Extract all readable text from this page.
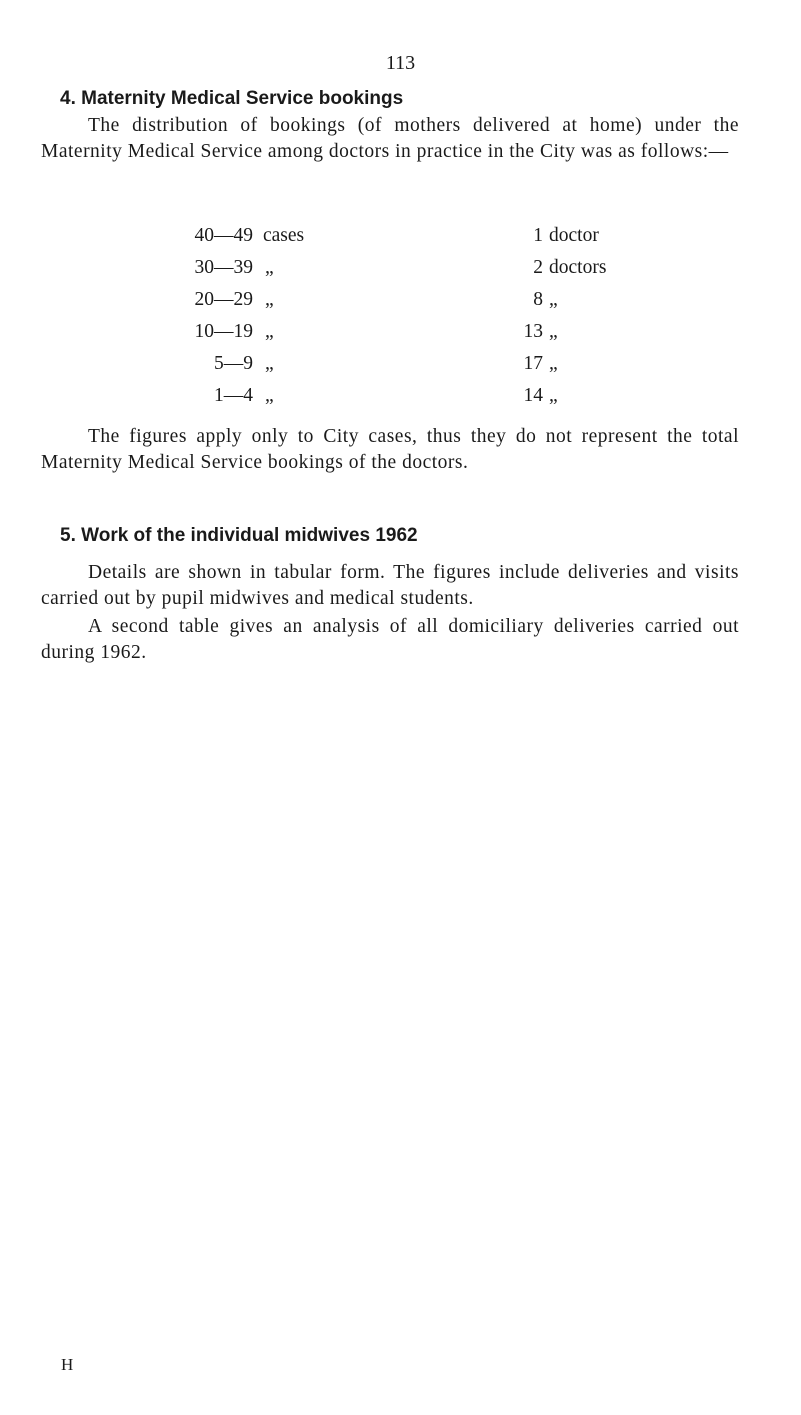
113
4. Maternity Medical Service bookings
The distribution of bookings (of mothers delivered at home) under the Maternity Medical Service among doctors in practice in the City was as follows:—
40—49 cases	1 doctor
30—39 „	2 doctors
20—29 „	8 „
10—19 „	13 „
5—9 „	17 „
1—4 „	14 „
The figures apply only to City cases, thus they do not represent the total Maternity Medical Service bookings of the doctors.
5. Work of the individual midwives 1962
Details are shown in tabular form. The figures include deliveries and visits carried out by pupil midwives and medical students.
A second table gives an analysis of all domiciliary deliveries carried out during 1962.
H
